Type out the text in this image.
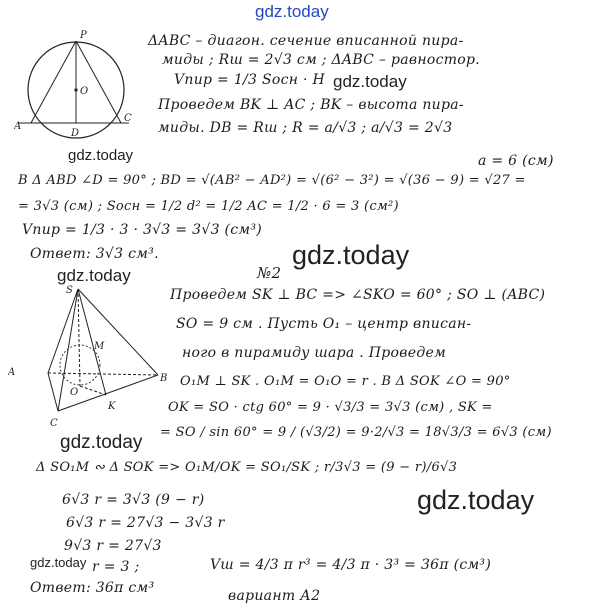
gdz.today
gdz.today
gdz.today
gdz.today
gdz.today
gdz.today
gdz.today
gdz.today
P
A
C
O
D
ΔABC – диагон. сечение вписанной пира-
миды ; Rш = 2√3 см ; ΔABC – равностор.
Vпир = 1/3 Sосн · H
Проведем BK ⊥ AC ; BK – высота пира-
миды. DB = Rш ; R = a/√3 ; a/√3 = 2√3
a = 6 (см)
В Δ ABD ∠D = 90° ; BD = √(AB² − AD²) = √(6² − 3²) = √(36 − 9) = √27 =
= 3√3 (см) ; Sосн = 1/2 d² = 1/2 AC = 1/2 · 6 = 3 (см²)
Vпир = 1/3 · 3 · 3√3 = 3√3 (см³)
Ответ: 3√3 см³.
№2
A
B
C
K
M
S
O
Проведем SK ⊥ BC => ∠SKO = 60° ; SO ⊥ (ABC)
SO = 9 см . Пусть O₁ – центр вписан-
ного в пирамиду шара . Проведем
O₁M ⊥ SK . O₁M = O₁O = r . В Δ SOK ∠O = 90°
OK = SO · ctg 60° = 9 · √3/3 = 3√3 (см) , SK =
= SO / sin 60° = 9 / (√3/2) = 9·2/√3 = 18√3/3 = 6√3 (см)
Δ SO₁M ∾ Δ SOK => O₁M/OK = SO₁/SK ; r/3√3 = (9 − r)/6√3
6√3 r = 3√3 (9 − r)
6√3 r = 27√3 − 3√3 r
9√3 r = 27√3
r = 3 ;	Vш = 4/3 π r³ = 4/3 π · 3³ = 36π (см³)
Ответ: 36π см³	вариант А2
